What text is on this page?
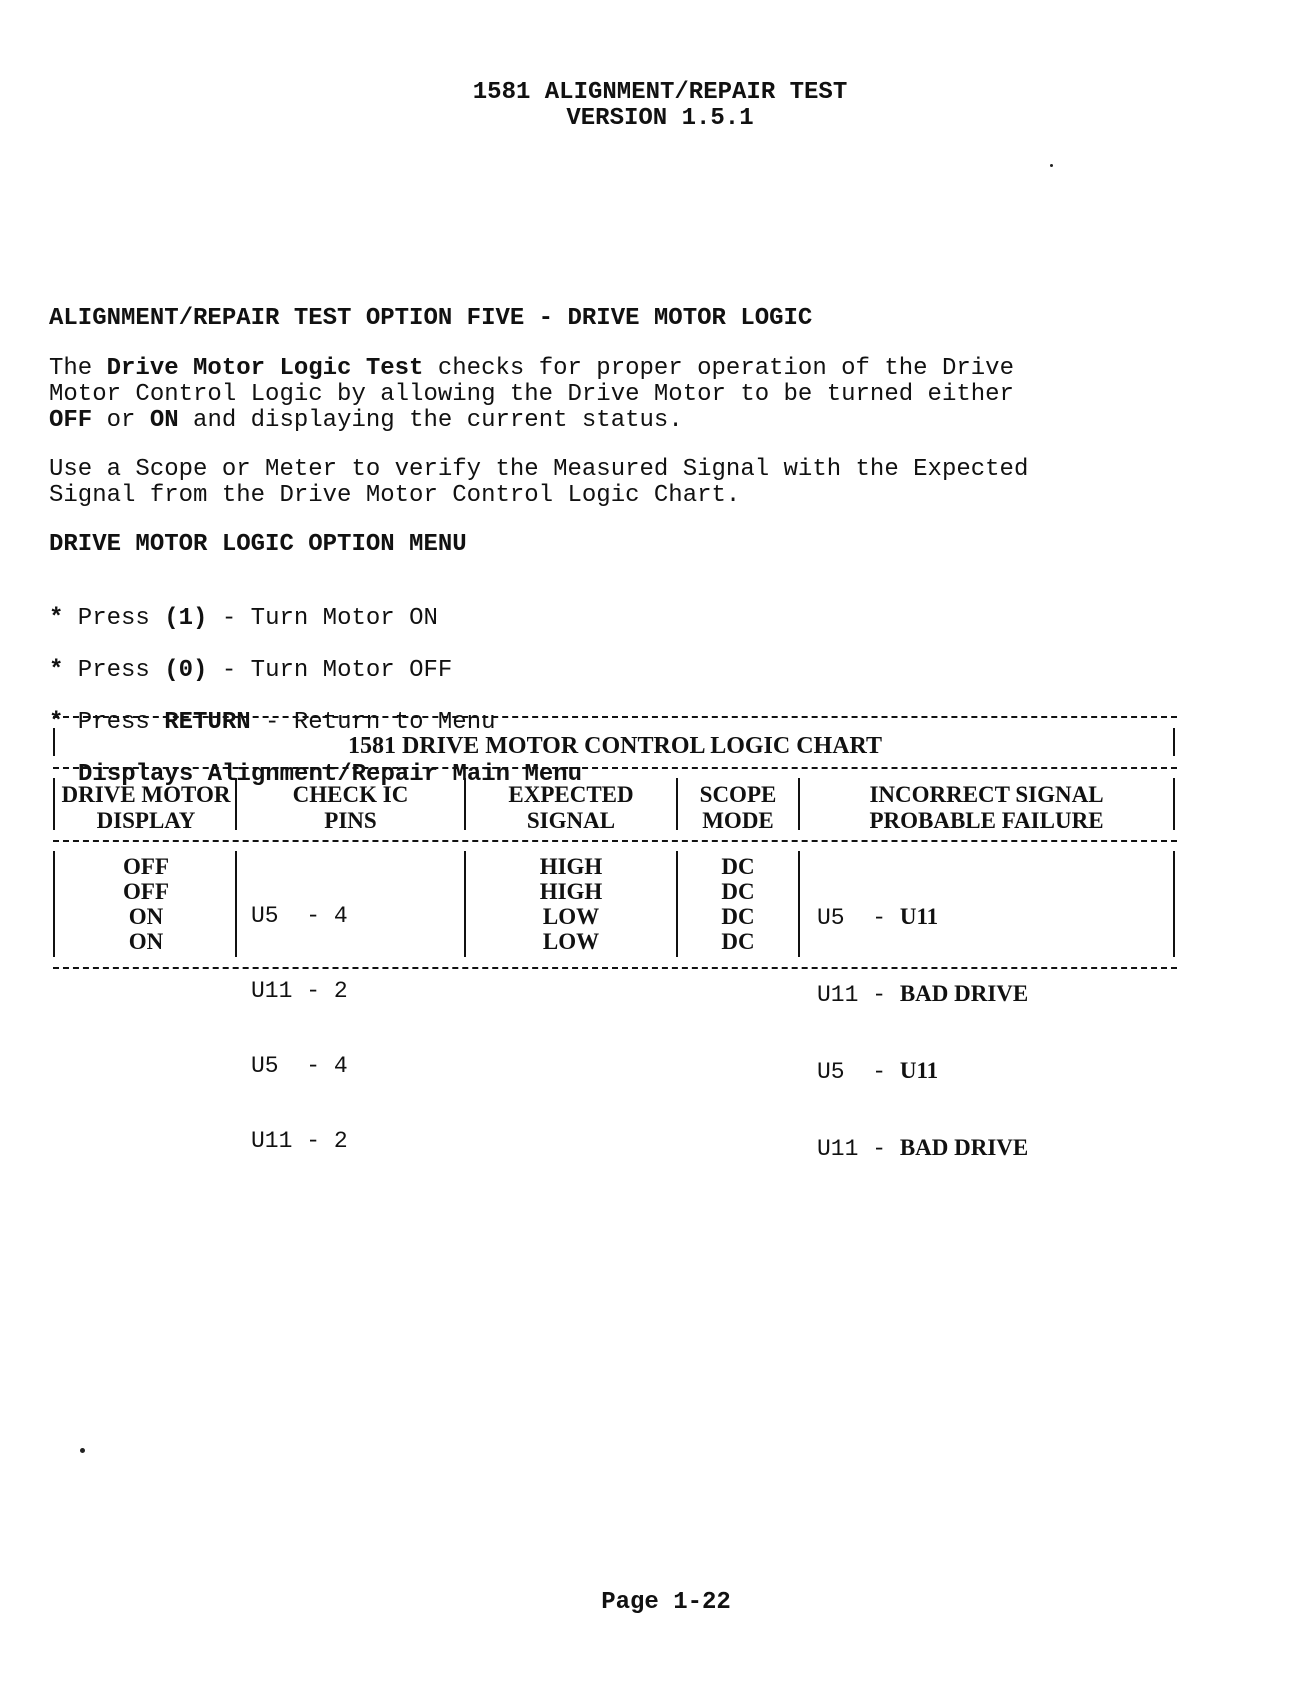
1581 ALIGNMENT/REPAIR TEST
VERSION 1.5.1
ALIGNMENT/REPAIR TEST OPTION FIVE - DRIVE MOTOR LOGIC
The Drive Motor Logic Test checks for proper operation of the Drive
Motor Control Logic by allowing the Drive Motor to be turned either
OFF or ON and displaying the current status.
Use a Scope or Meter to verify the Measured Signal with the Expected
Signal from the Drive Motor Control Logic Chart.
DRIVE MOTOR LOGIC OPTION MENU

* Press (1) - Turn Motor ON

* Press (0) - Turn Motor OFF

* Press RETURN - Return to Menu

Displays Alignment/Repair Main Menu

1581 DRIVE MOTOR CONTROL LOGIC CHART
DRIVE MOTOR
DISPLAY
CHECK IC
PINS
EXPECTED
SIGNAL
SCOPE
MODE
INCORRECT SIGNAL
PROBABLE FAILURE
OFF
OFF
ON
ON

U5  - 4

U11 - 2

U5  - 4

U11 - 2

HIGH
HIGH
LOW
LOW
DC
DC
DC
DC

U5  - U11

U11 - BAD DRIVE

U5  - U11

U11 - BAD DRIVE

Page 1-22
